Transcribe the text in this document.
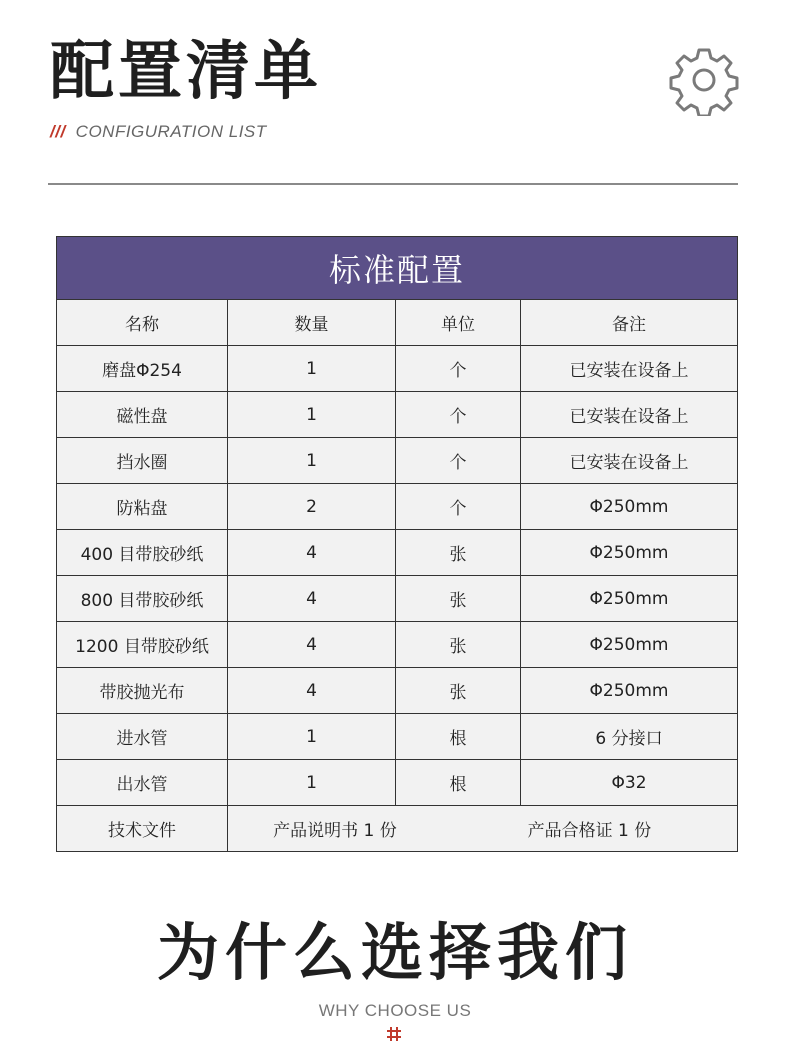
配置清单
/// CONFIGURATION LIST
标准配置			
名称	数量	单位	备注
磨盘Φ254	1	个	已安装在设备上
磁性盘	1	个	已安装在设备上
挡水圈	1	个	已安装在设备上
防粘盘	2	个	Φ250mm
400 目带胶砂纸	4	张	Φ250mm
800 目带胶砂纸	4	张	Φ250mm
1200 目带胶砂纸	4	张	Φ250mm
带胶抛光布	4	张	Φ250mm
进水管	1	根	6 分接口
出水管	1	根	Φ32
技术文件	产品说明书 1 份 产品合格证 1 份		
为什么选择我们
WHY CHOOSE US
